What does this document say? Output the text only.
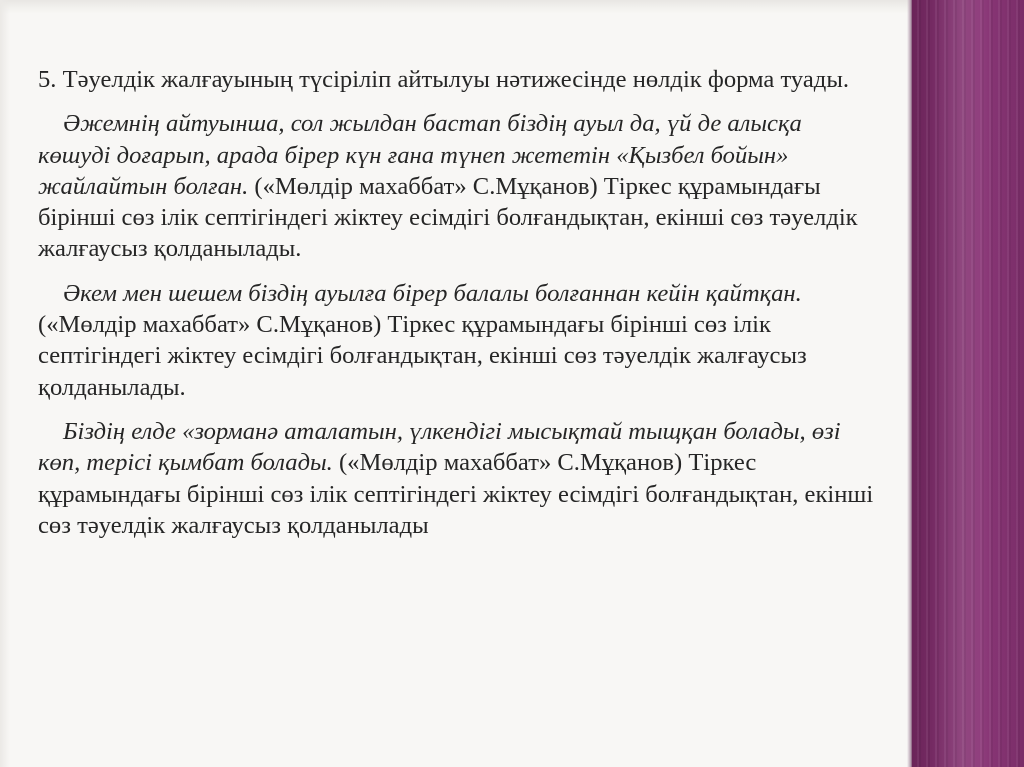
5. Тәуелдік жалғауының түсіріліп айтылуы нәтижесінде нөлдік форма туады.

Әжемнің айтуынша, сол жылдан бастап біздің ауыл да, үй де алысқа көшуді доғарып, арада бірер күн ғана түнеп жететін «Қызбел бойын» жайлайтын болған. («Мөлдір махаббат» С.Мұқанов) Тіркес құрамындағы бірінші сөз ілік септігіндегі жіктеу есімдігі болғандықтан, екінші сөз тәуелдік жалғаусыз қолданылады.

Әкем мен шешем біздің ауылға бірер балалы болғаннан кейін қайтқан. («Мөлдір махаббат» С.Мұқанов) Тіркес құрамындағы бірінші сөз ілік септігіндегі жіктеу есімдігі болғандықтан, екінші сөз тәуелдік жалғаусыз қолданылады.

Біздің елде «зорманә аталатын, үлкендігі мысықтай тыщқан болады, өзі көп, терісі қымбат болады. («Мөлдір махаббат» С.Мұқанов) Тіркес құрамындағы бірінші сөз ілік септігіндегі жіктеу есімдігі болғандықтан, екінші сөз тәуелдік жалғаусыз қолданылады
